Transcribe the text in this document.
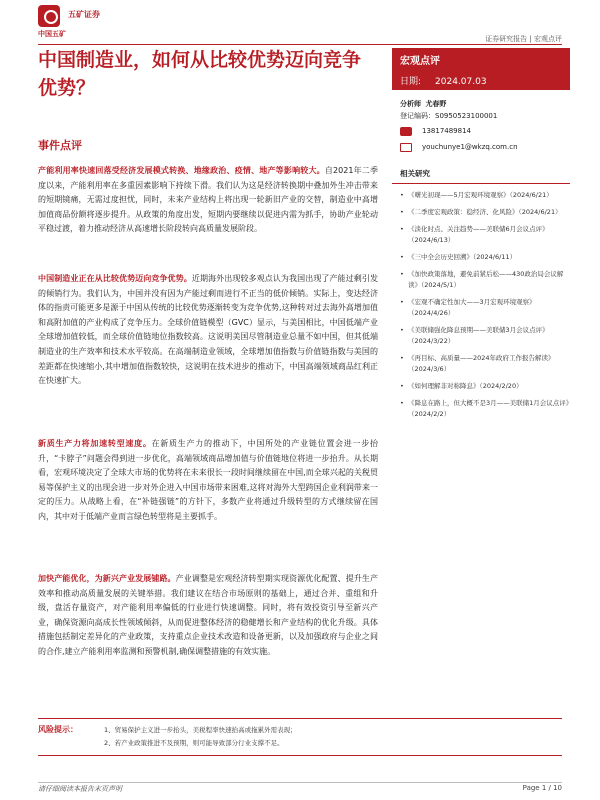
五矿证券
中国五矿
证券研究报告 | 宏观点评
中国制造业，如何从比较优势迈向竞争优势？
宏观点评
日期: 2024.07.03
分析师 尤春野
登记编码：S0950523100001
13817489814
youchunye1@wkzq.com.cn
相关研究
• 《曙光初现——5月宏观环境观察》（2024/6/21）
• 《二季度宏观政策：稳经济、化风险》（2024/6/21）
• 《淡化时点、关注趋势——美联储6月会议点评》（2024/6/13）
• 《三中全会历史回溯》（2024/6/11）
• 《加快政策落地，避免前紧后松——430政治局会议解读》（2024/5/1）
• 《宏观不确定性加大——3月宏观环境观察》（2024/4/26）
• 《美联储强化降息预期——美联储3月会议点评》（2024/3/22）
• 《再目标、高质量——2024年政府工作报告解读》（2024/3/6）
• 《如何理解非对称降息》（2024/2/20）
• 《降息在路上，但大概不是3月——美联储1月会议点评》（2024/2/2）
事件点评
产能利用率快速回落受经济发展模式转换、地缘政治、疫情、地产等影响较大。自2021年二季度以来，产能利用率在多重因素影响下持续下滑。我们认为这是经济转换期中叠加外生冲击带来的短期镜痛，无需过度担忧，同时，未来产业结构上将出现一轮新旧产业的交替，制造业中高增加值商品份额将逐步提升。从政策的角度出发，短期内要继续以促进内需为抓手，协助产业轮动平稳过渡，着力推动经济从高速增长阶段转向高质量发展阶段。
中国制造业正在从比较优势迈向竞争优势。近期海外出现较多观点认为我国出现了产能过剩引发的倾销行为。我们认为，中国并没有因为产能过剩而进行不正当的低价倾销。实际上，变达经济体的指责可能更多是源于中国从传统的比较优势逐渐转变为竞争优势,这种转对过去海外高增加值和高附加值的产业构成了竞争压力。全球价值链模型（GVC）显示，与美国相比，中国低端产业全球增加值较低，而全球价值链地位指数较高。这说明美国尽管制造业总量不如中国，但其低端制造业的生产效率和技术水平较高。在高端制造业领域，全球增加值指数与价值链指数与美国的差距都在快速缩小,其中增加值指数较快，这说明在技术进步的推动下，中国高端领域商品红利正在快速扩大。
新质生产力将加速转型速度。在新质生产力的推动下，中国所处的产业链位置会进一步抬升，“卡脖子”问题会得到进一步优化，高端领域商品增加值与价值链地位将进一步抬升。从长期看，宏观环境决定了全球大市场的优势将在未来很长一段时间继续留在中国,而全球兴起的关税贸易等保护主义的出现会进一步对外企进入中国市场带来困难,这将对海外大型跨国企业利润带来一定的压力。从战略上看，在“补链强链”的方针下，多数产业将通过升级转型的方式继续留在国内，其中对于低端产业而言绿色转型将是主要抓手。
加快产能优化，为新兴产业发展铺路。产业调整是宏观经济转型期实现资源优化配置、提升生产效率和推动高质量发展的关键举措。我们建议在结合市场原则的基础上，通过合并、重组和升级，盘活存量资产，对产能利用率偏低的行业进行快速调整。同时，将有效投资引导至新兴产业，确保资源向高成长性领域倾斜，从而促进整体经济的稳健增长和产业结构的优化升级。具体措施包括制定差异化的产业政策，支持重点企业技术改造和设备更新，以及加强政府与企业之间的合作,建立产能利用率监测和预警机制,确保调整措施的有效实施。
风险提示：	1、贸易保护主义进一步抬头，美税程率快速抬高或拖累外需表现；
2、若产业政策推进不及预期，则可能导致部分行业支撑不足。
请仔细阅读本报告末页声明	Page 1 / 10
